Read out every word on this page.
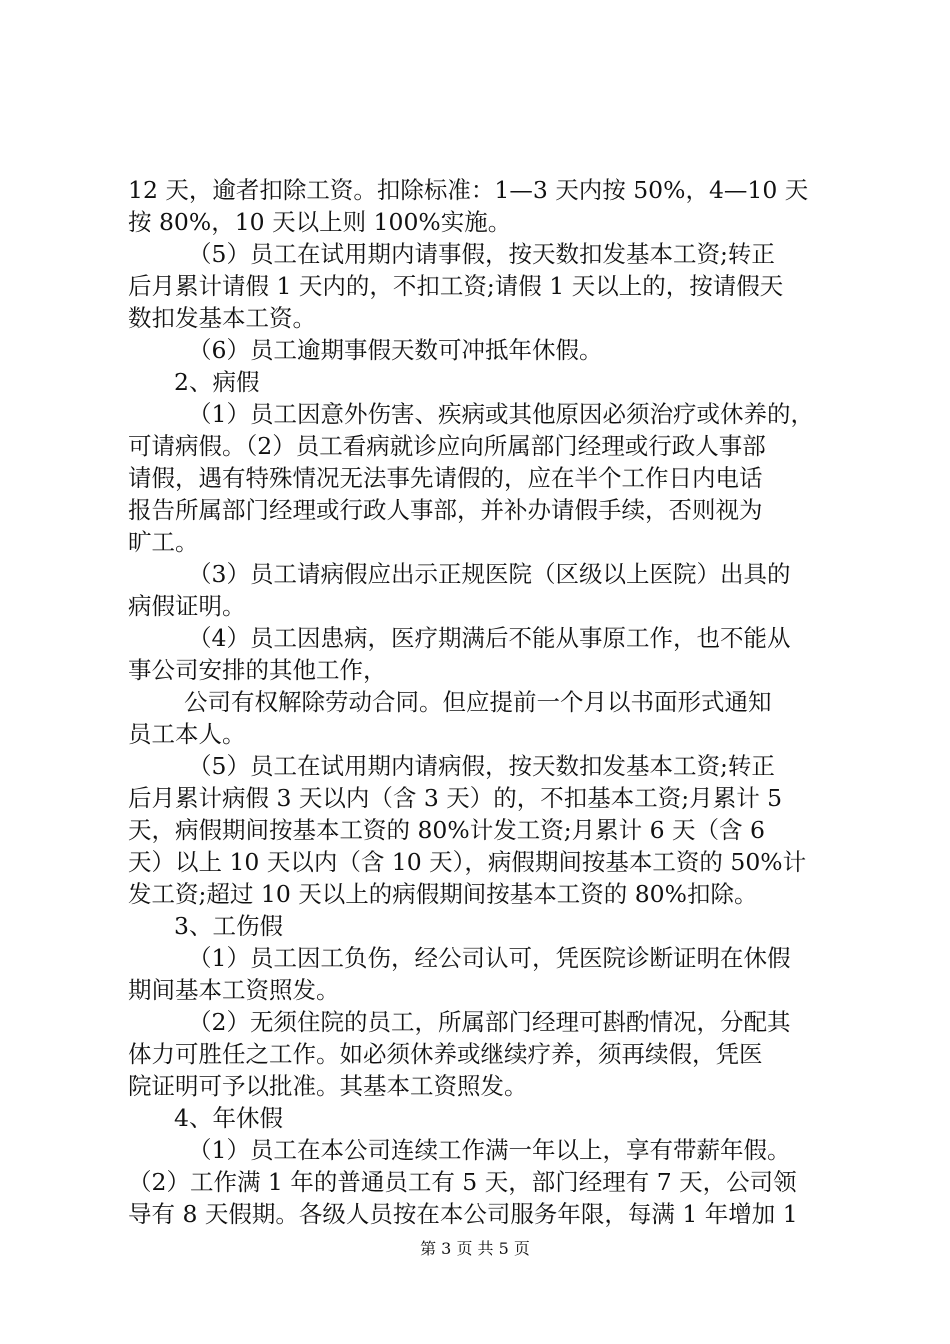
12 天，逾者扣除工资。扣除标准：1—3 天内按 50%，4—10 天
按 80%，10 天以上则 100%实施。
（5）员工在试用期内请事假，按天数扣发基本工资;转正
后月累计请假 1 天内的，不扣工资;请假 1 天以上的，按请假天
数扣发基本工资。
（6）员工逾期事假天数可冲抵年休假。
2、病假
（1）员工因意外伤害、疾病或其他原因必须治疗或休养的，
可请病假。（2）员工看病就诊应向所属部门经理或行政人事部
请假，遇有特殊情况无法事先请假的，应在半个工作日内电话
报告所属部门经理或行政人事部，并补办请假手续，否则视为
旷工。
（3）员工请病假应出示正规医院（区级以上医院）出具的
病假证明。
（4）员工因患病，医疗期满后不能从事原工作，也不能从
事公司安排的其他工作，
公司有权解除劳动合同。但应提前一个月以书面形式通知
员工本人。
（5）员工在试用期内请病假，按天数扣发基本工资;转正
后月累计病假 3 天以内（含 3 天）的，不扣基本工资;月累计 5
天，病假期间按基本工资的 80%计发工资;月累计 6 天（含 6
天）以上 10 天以内（含 10 天），病假期间按基本工资的 50%计
发工资;超过 10 天以上的病假期间按基本工资的 80%扣除。
3、工伤假
（1）员工因工负伤，经公司认可，凭医院诊断证明在休假
期间基本工资照发。
（2）无须住院的员工，所属部门经理可斟酌情况，分配其
体力可胜任之工作。如必须休养或继续疗养，须再续假，凭医
院证明可予以批准。其基本工资照发。
4、年休假
（1）员工在本公司连续工作满一年以上，享有带薪年假。
（2）工作满 1 年的普通员工有 5 天，部门经理有 7 天，公司领
导有 8 天假期。各级人员按在本公司服务年限，每满 1 年增加 1
第 3 页 共 5 页
